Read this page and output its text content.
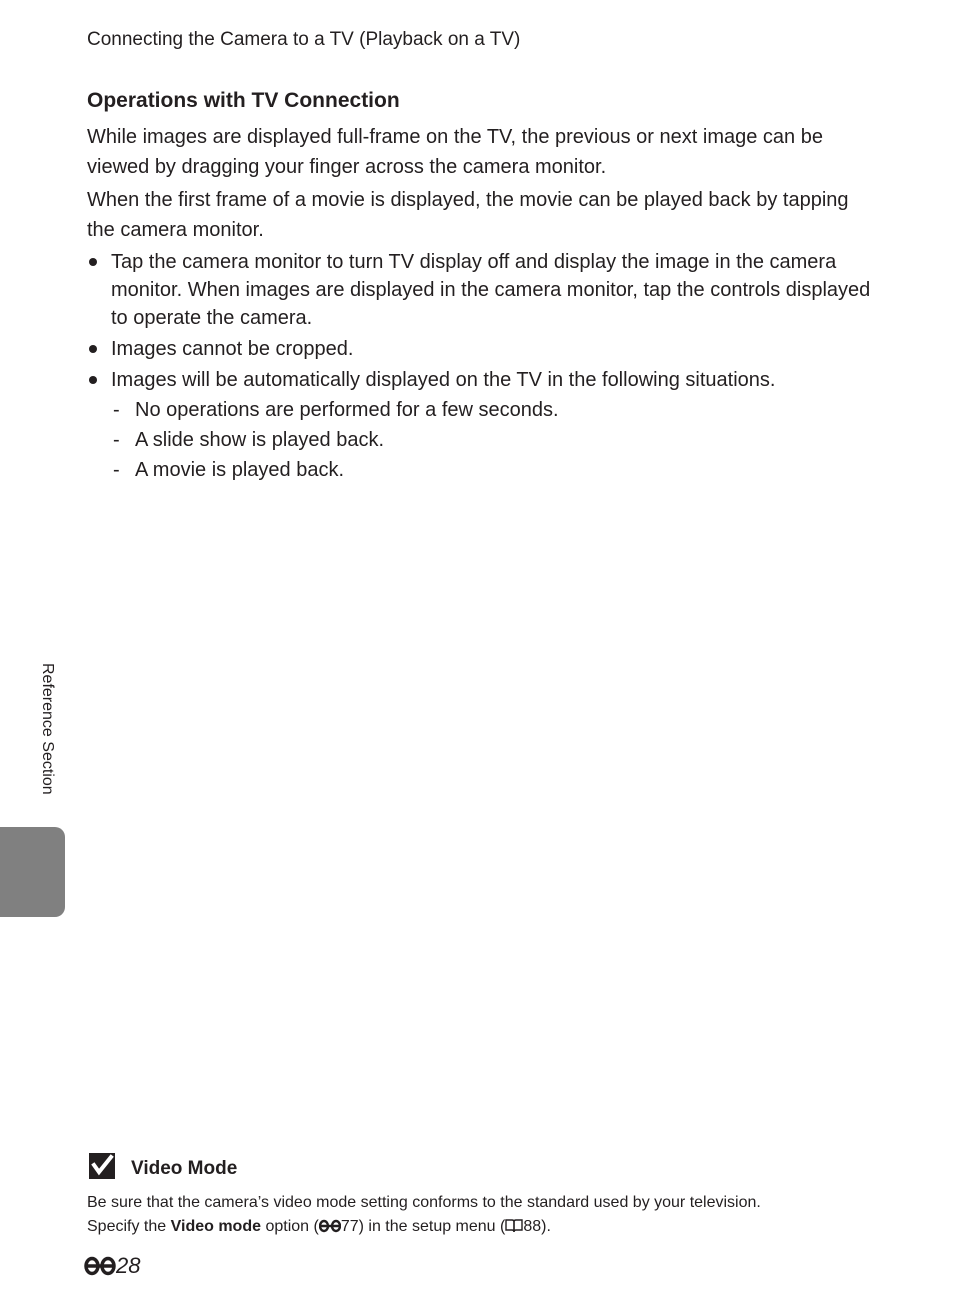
Connecting the Camera to a TV (Playback on a TV)
Operations with TV Connection

While images are displayed full-frame on the TV, the previous or next image can be viewed by dragging your finger across the camera monitor.

When the first frame of a movie is displayed, the movie can be played back by tapping the camera monitor.

Tap the camera monitor to turn TV display off and display the image in the camera monitor. When images are displayed in the camera monitor, tap the controls displayed to operate the camera.
Images cannot be cropped.
Images will be automatically displayed on the TV in the following situations.
- No operations are performed for a few seconds.
- A slide show is played back.
- A movie is played back.
Reference Section
Video Mode

Be sure that the camera’s video mode setting conforms to the standard used by your television.
Specify the Video mode option ( 77) in the setup menu ( 88).

28
